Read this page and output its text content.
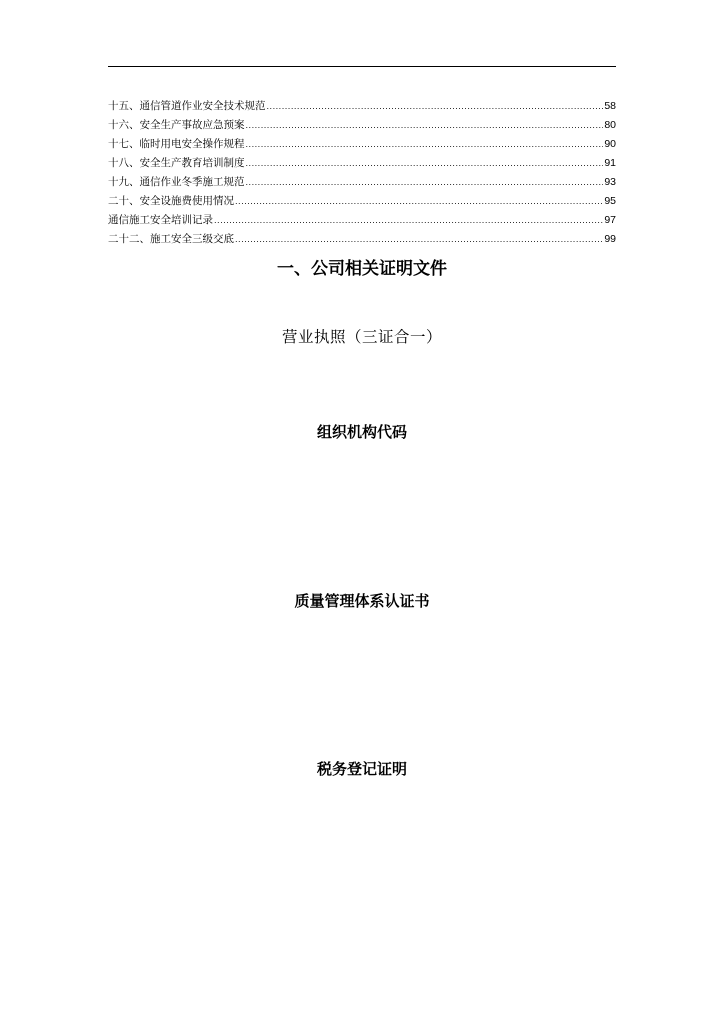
十五、通信管道作业安全技术规范 .....	58
十六、安全生产事故应急预案 .....	80
十七、临时用电安全操作规程 .....	90
十八、安全生产教育培训制度 .....	91
十九、通信作业冬季施工规范 .....	93
二十、安全设施费使用情况 .....	95
通信施工安全培训记录 .....	97
二十二、施工安全三级交底 .....	99
一、公司相关证明文件
营业执照（三证合一）
组织机构代码
质量管理体系认证书
税务登记证明
